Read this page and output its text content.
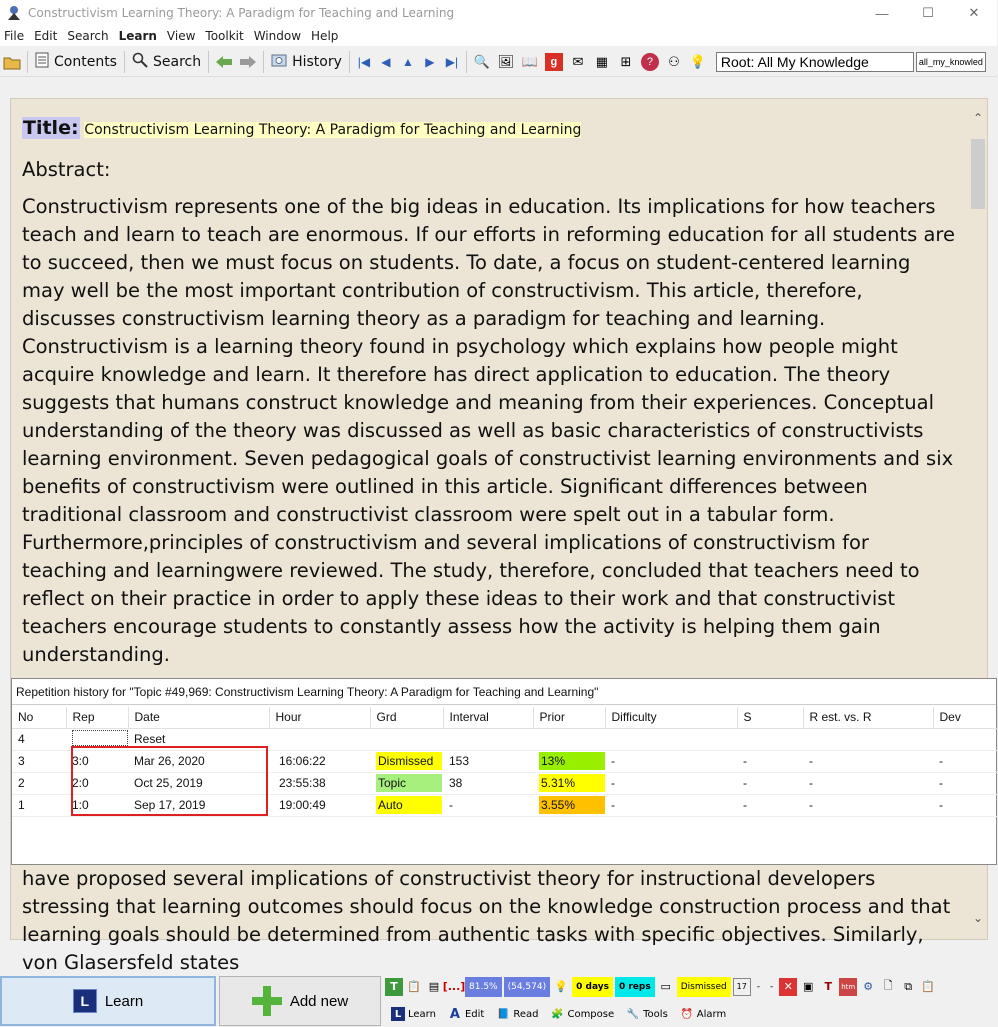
Constructivism Learning Theory: A Paradigm for Teaching and Learning	—	☐	✕
File Edit Search Learn View Toolkit Window Help
Contents	Search	History |◀ ◀ ▲ ▶ ▶| 🔍 🖼 📖	g	✉ ▦ ⊞	?	⚇ 💡	Root: All My Knowledge	all_my_knowled
Title: Constructivism Learning Theory: A Paradigm for Teaching and Learning
Abstract:
Constructivism represents one of the big ideas in education. Its implications for how teachers teach and learn to teach are enormous. If our efforts in reforming education for all students are to succeed, then we must focus on students. To date, a focus on student-centered learning may well be the most important contribution of constructivism. This article, therefore, discusses constructivism learning theory as a paradigm for teaching and learning. Constructivism is a learning theory found in psychology which explains how people might acquire knowledge and learn. It therefore has direct application to education. The theory suggests that humans construct knowledge and meaning from their experiences. Conceptual understanding of the theory was discussed as well as basic characteristics of constructivists learning environment. Seven pedagogical goals of constructivist learning environments and six benefits of constructivism were outlined in this article. Significant differences between traditional classroom and constructivist classroom were spelt out in a tabular form. Furthermore,principles of constructivism and several implications of constructivism for teaching and learningwere reviewed. The study, therefore, concluded that teachers need to reflect on their practice in order to apply these ideas to their work and that constructivist teachers encourage students to constantly assess how the activity is helping them gain understanding.
have proposed several implications of constructivist theory for instructional developers stressing that learning outcomes should focus on the knowledge construction process and that learning goals should be determined from authentic tasks with specific objectives. Similarly, von Glasersfeld states
⌃
⌄
Repetition history for "Topic #49,969: Constructivism Learning Theory: A Paradigm for Teaching and Learning"
No	Rep	Date	Hour	Grd	Interval	Prior	Difficulty	S	R est. vs. R	Dev
4		Reset								
3	3:0	Mar 26, 2020	16:06:22	Dismissed	153	13%	-	-	-	-
2	2:0	Oct 25, 2019	23:55:38	Topic	38	5.31%	-	-	-	-
1	1:0	Sep 17, 2019	19:00:49	Auto	-	3.55%	-	-	-	-
L	Learn	Add new
T 📋 ▤ [...] 81.5%	(54,574) 💡 0 days	0 reps ▭	Dismissed	17	-	- ✕ ▣	T	htm ⚙ 🗋	⧉ 📋
L Learn A Edit 📘 Read 🧩 Compose 🔧 Tools ⏰ Alarm
